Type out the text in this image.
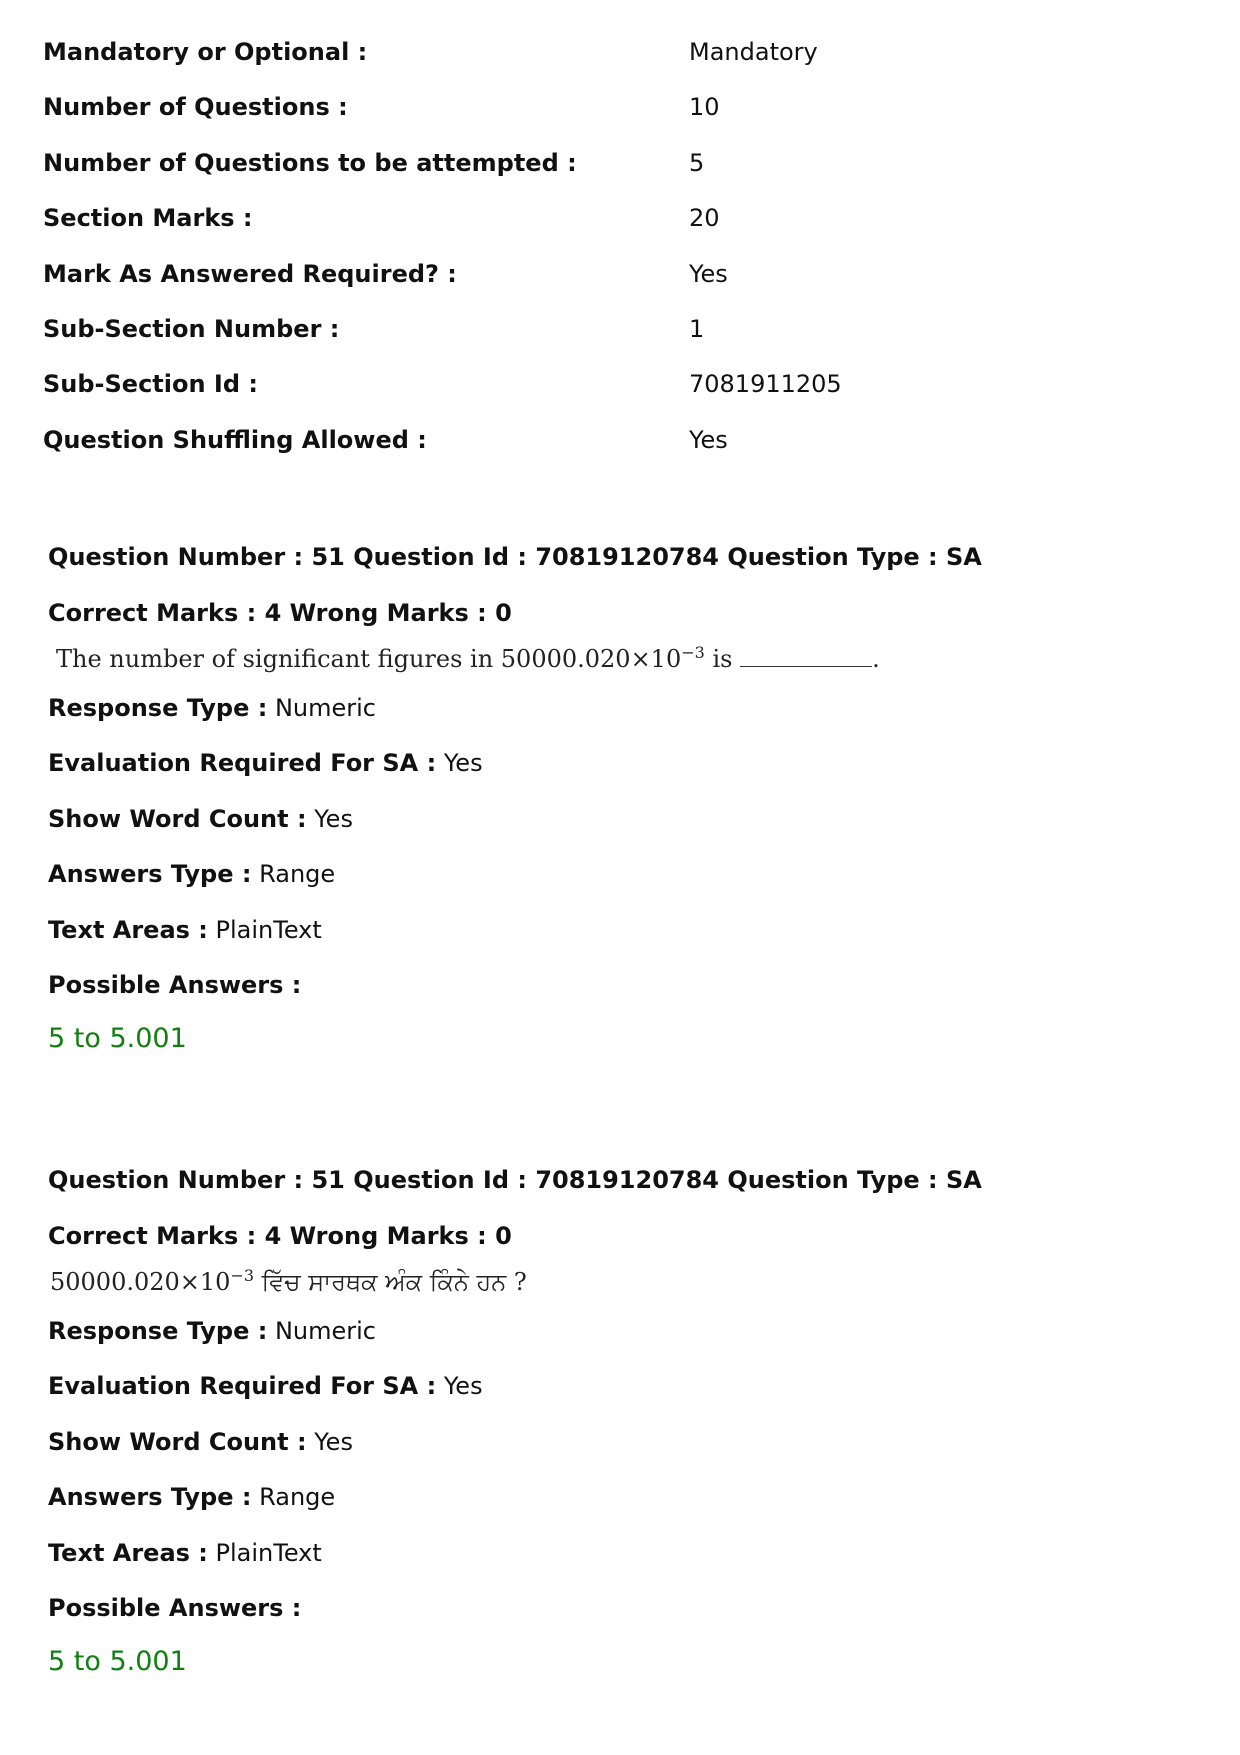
Mandatory or Optional :	Mandatory
Number of Questions :	10
Number of Questions to be attempted :	5
Section Marks :	20
Mark As Answered Required? :	Yes
Sub-Section Number :	1
Sub-Section Id :	7081911205
Question Shuffling Allowed :	Yes
Question Number : 51 Question Id : 70819120784 Question Type : SA
Correct Marks : 4 Wrong Marks : 0
The number of significant figures in $50000.020\times 10^{-3}$ is	.
Response Type : Numeric
Evaluation Required For SA : Yes
Show Word Count : Yes
Answers Type : Range
Text Areas : PlainText
Possible Answers :
5 to 5.001
Question Number : 51 Question Id : 70819120784 Question Type : SA
Correct Marks : 4 Wrong Marks : 0
$50000.020\times 10^{-3}$ ਵਿੱਚ ਸਾਰਥਕ ਅੰਕ ਕਿੰਨੇ ਹਨ ?
Response Type : Numeric
Evaluation Required For SA : Yes
Show Word Count : Yes
Answers Type : Range
Text Areas : PlainText
Possible Answers :
5 to 5.001
